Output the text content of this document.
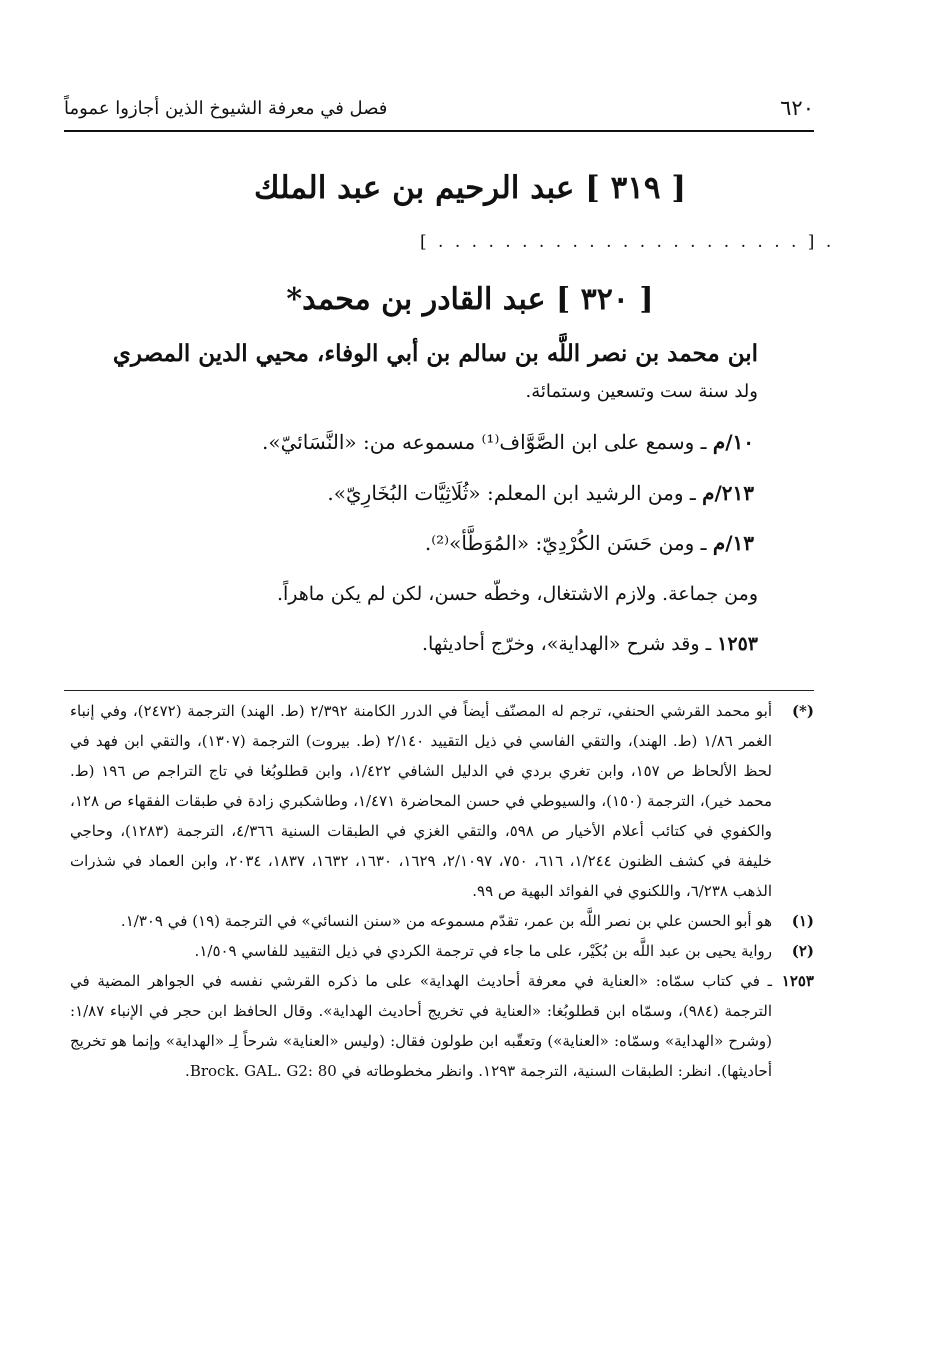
٦٢٠
فصل في معرفة الشيوخ الذين أجازوا عموماً
[ ٣١٩ ] عبد الرحيم بن عبد الملك
[ . . . . . . . . . . . . . . . . . . . . . . ] .
[ ٣٢٠ ] عبد القادر بن محمد*
ابن محمد بن نصر اللَّه بن سالم بن أبي الوفاء، محيي الدين المصري
ولد سنة ست وتسعين وستمائة.
١٠/م ـ وسمع على ابن الصَّوَّاف⁽¹⁾ مسموعه من: «النَّسَائيّ».
٢١٣/م ـ ومن الرشيد ابن المعلم: «ثُلَاثِيَّات البُخَارِيّ».
١٣/م ـ ومن حَسَن الكُرْدِيّ: «المُوَطَّأ»⁽²⁾.
ومن جماعة. ولازم الاشتغال، وخطّه حسن، لكن لم يكن ماهراً.
١٢٥٣ ـ وقد شرح «الهداية»، وخرّج أحاديثها.
(*)
أبو محمد القرشي الحنفي، ترجم له المصنّف أيضاً في الدرر الكامنة ٢/٣٩٢ (ط. الهند) الترجمة (٢٤٧٢)، وفي إنباء الغمر ١/٨٦ (ط. الهند)، والتقي الفاسي في ذيل التقييد ٢/١٤٠ (ط. بيروت) الترجمة (١٣٠٧)، والتقي ابن فهد في لحظ الألحاظ ص ١٥٧، وابن تغري بردي في الدليل الشافي ١/٤٢٢، وابن قطلوبُغا في تاج التراجم ص ١٩٦ (ط. محمد خير)، الترجمة (١٥٠)، والسيوطي في حسن المحاضرة ١/٤٧١، وطاشكبري زادة في طبقات الفقهاء ص ١٢٨، والكفوي في كتائب أعلام الأخيار ص ٥٩٨، والتقي الغزي في الطبقات السنية ٤/٣٦٦، الترجمة (١٢٨٣)، وحاجي خليفة في كشف الظنون ١/٢٤٤، ٦١٦، ٧٥٠، ٢/١٠٩٧، ١٦٢٩، ١٦٣٠، ١٦٣٢، ١٨٣٧، ٢٠٣٤، وابن العماد في شذرات الذهب ٦/٢٣٨، واللكنوي في الفوائد البهية ص ٩٩.
(١)
هو أبو الحسن علي بن نصر اللَّه بن عمر، تقدّم مسموعه من «سنن النسائي» في الترجمة (١٩) في ١/٣٠٩.
(٢)
رواية يحيى بن عبد اللَّه بن بُكَيْر، على ما جاء في ترجمة الكردي في ذيل التقييد للفاسي ١/٥٠٩.
١٢٥٣
ـ في كتاب سمّاه: «العناية في معرفة أحاديث الهداية» على ما ذكره القرشي نفسه في الجواهر المضية في الترجمة (٩٨٤)، وسمّاه ابن قطلوبُغا: «العناية في تخريج أحاديث الهداية». وقال الحافظ ابن حجر في الإنباء ١/٨٧: (وشرح «الهداية» وسمّاه: «العناية») وتعقّبه ابن طولون فقال: (وليس «العناية» شرحاً لِـ «الهداية» وإنما هو تخريج أحاديثها). انظر: الطبقات السنية، الترجمة ١٢٩٣. وانظر مخطوطاته في Brock. GAL. G2: 80.
